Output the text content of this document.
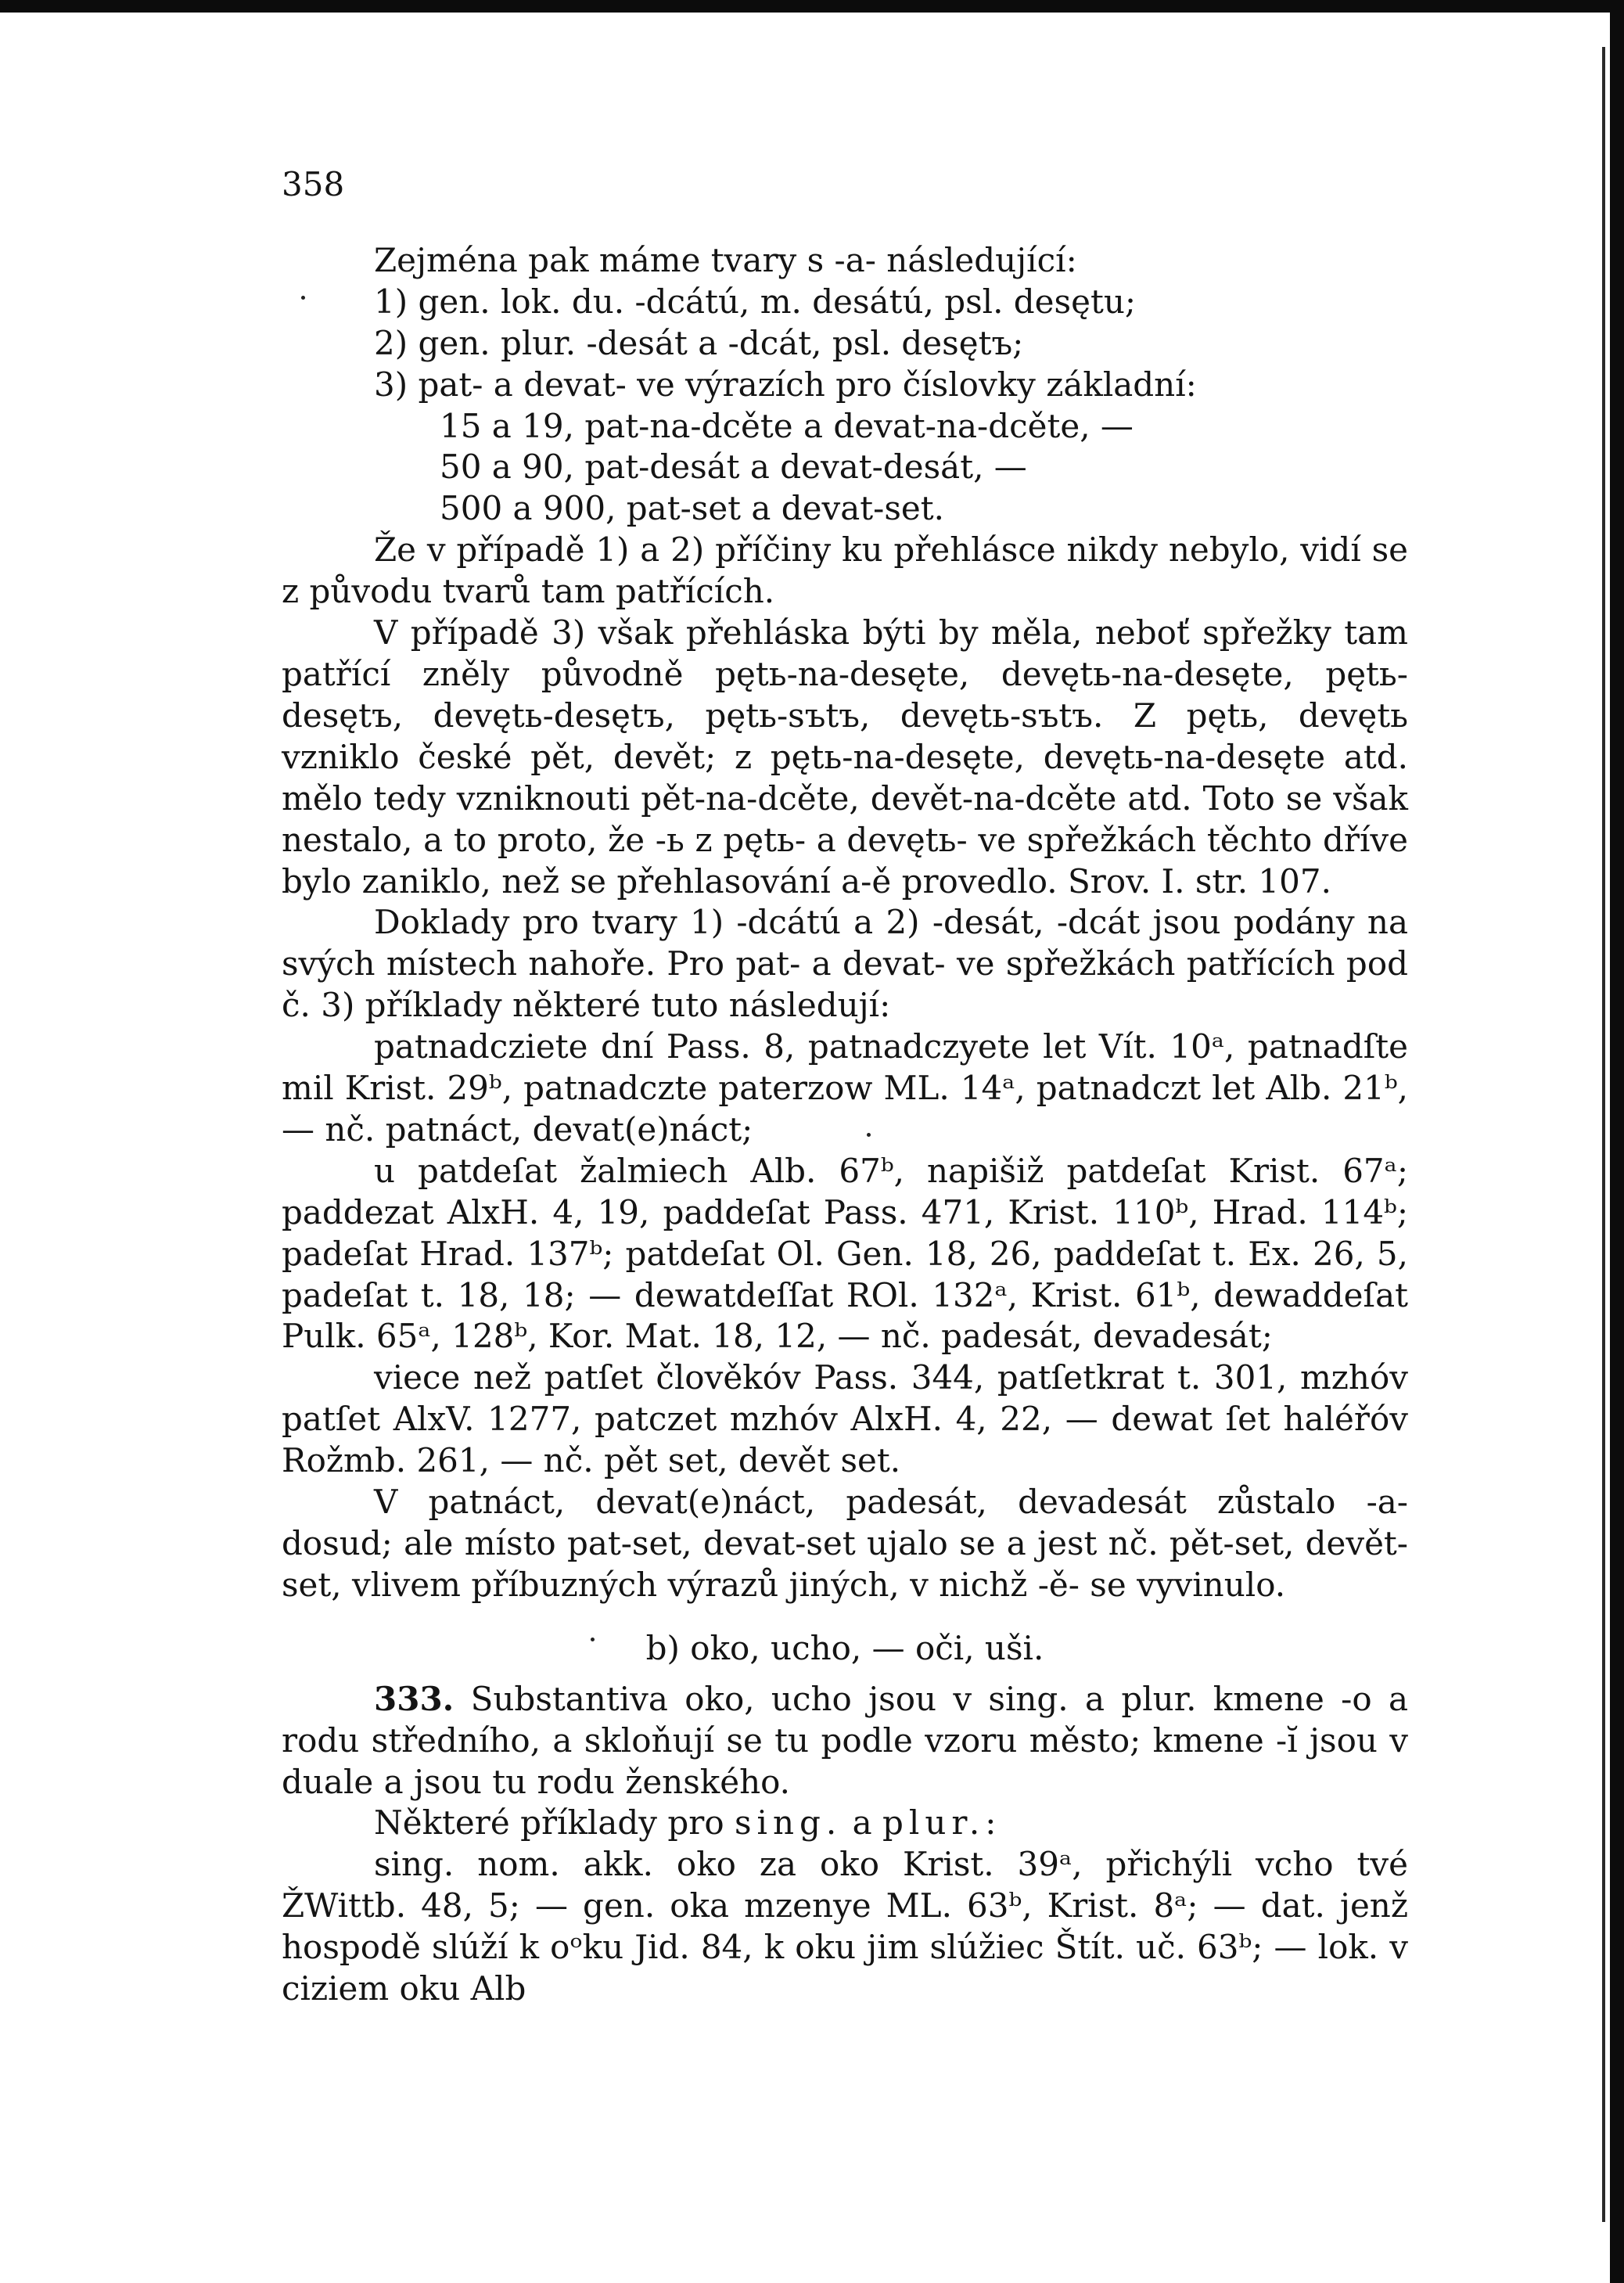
358

Zejména pak máme tvary s -a- následující:

1) gen. lok. du. -dcátú, m. desátú, psl. desętu;

2) gen. plur. -desát a -dcát, psl. desętъ;

3) pat- a devat- ve výrazích pro číslovky základní:

15 a 19, pat-na-dcěte a devat-na-dcěte, —

50 a 90, pat-desát a devat-desát, —

500 a 900, pat-set a devat-set.

Že v případě 1) a 2) příčiny ku přehlásce nikdy nebylo, vidí se z původu tvarů tam patřících.

V případě 3) však přehláska býti by měla, neboť spřežky tam patřící zněly původně pętь-na-desęte, devętь-na-desęte, pętь-desętъ, devętь-desętъ, pętь-sъtъ, devętь-sъtъ. Z pętь, devętь vzniklo české pět, devět; z pętь-na-desęte, devętь-na-desęte atd. mělo tedy vzniknouti pět-na-dcěte, devět-na-dcěte atd. Toto se však nestalo, a to proto, že -ь z pętь- a devętь- ve spřežkách těchto dříve bylo zaniklo, než se přehlasování a-ě provedlo. Srov. I. str. 107.

Doklady pro tvary 1) -dcátú a 2) -desát, -dcát jsou podány na svých místech nahoře. Pro pat- a devat- ve spřežkách patřících pod č. 3) příklady některé tuto následují:

patnadcziete dní Pass. 8, patnadczyete let Vít. 10ᵃ, patnadſte mil Krist. 29ᵇ, patnadczte paterzow ML. 14ᵃ, patnadczt let Alb. 21ᵇ, — nč. patnáct, devat(e)náct;

u patdeſat žalmiech Alb. 67ᵇ, napišiž patdeſat Krist. 67ᵃ; paddezat AlxH. 4, 19, paddeſat Pass. 471, Krist. 110ᵇ, Hrad. 114ᵇ; padeſat Hrad. 137ᵇ; patdeſat Ol. Gen. 18, 26, paddeſat t. Ex. 26, 5, padeſat t. 18, 18; — dewatdeſſat ROl. 132ᵃ, Krist. 61ᵇ, dewaddeſat Pulk. 65ᵃ, 128ᵇ, Kor. Mat. 18, 12, — nč. padesát, devadesát;

viece než patſet člověkóv Pass. 344, patſetkrat t. 301, mzhóv patſet AlxV. 1277, patczet mzhóv AlxH. 4, 22, — dewat ſet haléřóv Rožmb. 261, — nč. pět set, devět set.

V patnáct, devat(e)náct, padesát, devadesát zůstalo -a- dosud; ale místo pat-set, devat-set ujalo se a jest nč. pět-set, devět-set, vlivem příbuzných výrazů jiných, v nichž -ě- se vyvinulo.

b) oko, ucho, — oči, uši.

333. Substantiva oko, ucho jsou v sing. a plur. kmene -o a rodu středního, a skloňují se tu podle vzoru město; kmene -ĭ jsou v duale a jsou tu rodu ženského.

Některé příklady pro sing. a plur.:

sing. nom. akk. oko za oko Krist. 39ᵃ, přichýli vcho tvé ŽWittb. 48, 5; — gen. oka mzenye ML. 63ᵇ, Krist. 8ᵃ; — dat. jenž hospodě slúží k oᵒku Jid. 84, k oku jim slúžiec Štít. uč. 63ᵇ; — lok. v ciziem oku Alb
